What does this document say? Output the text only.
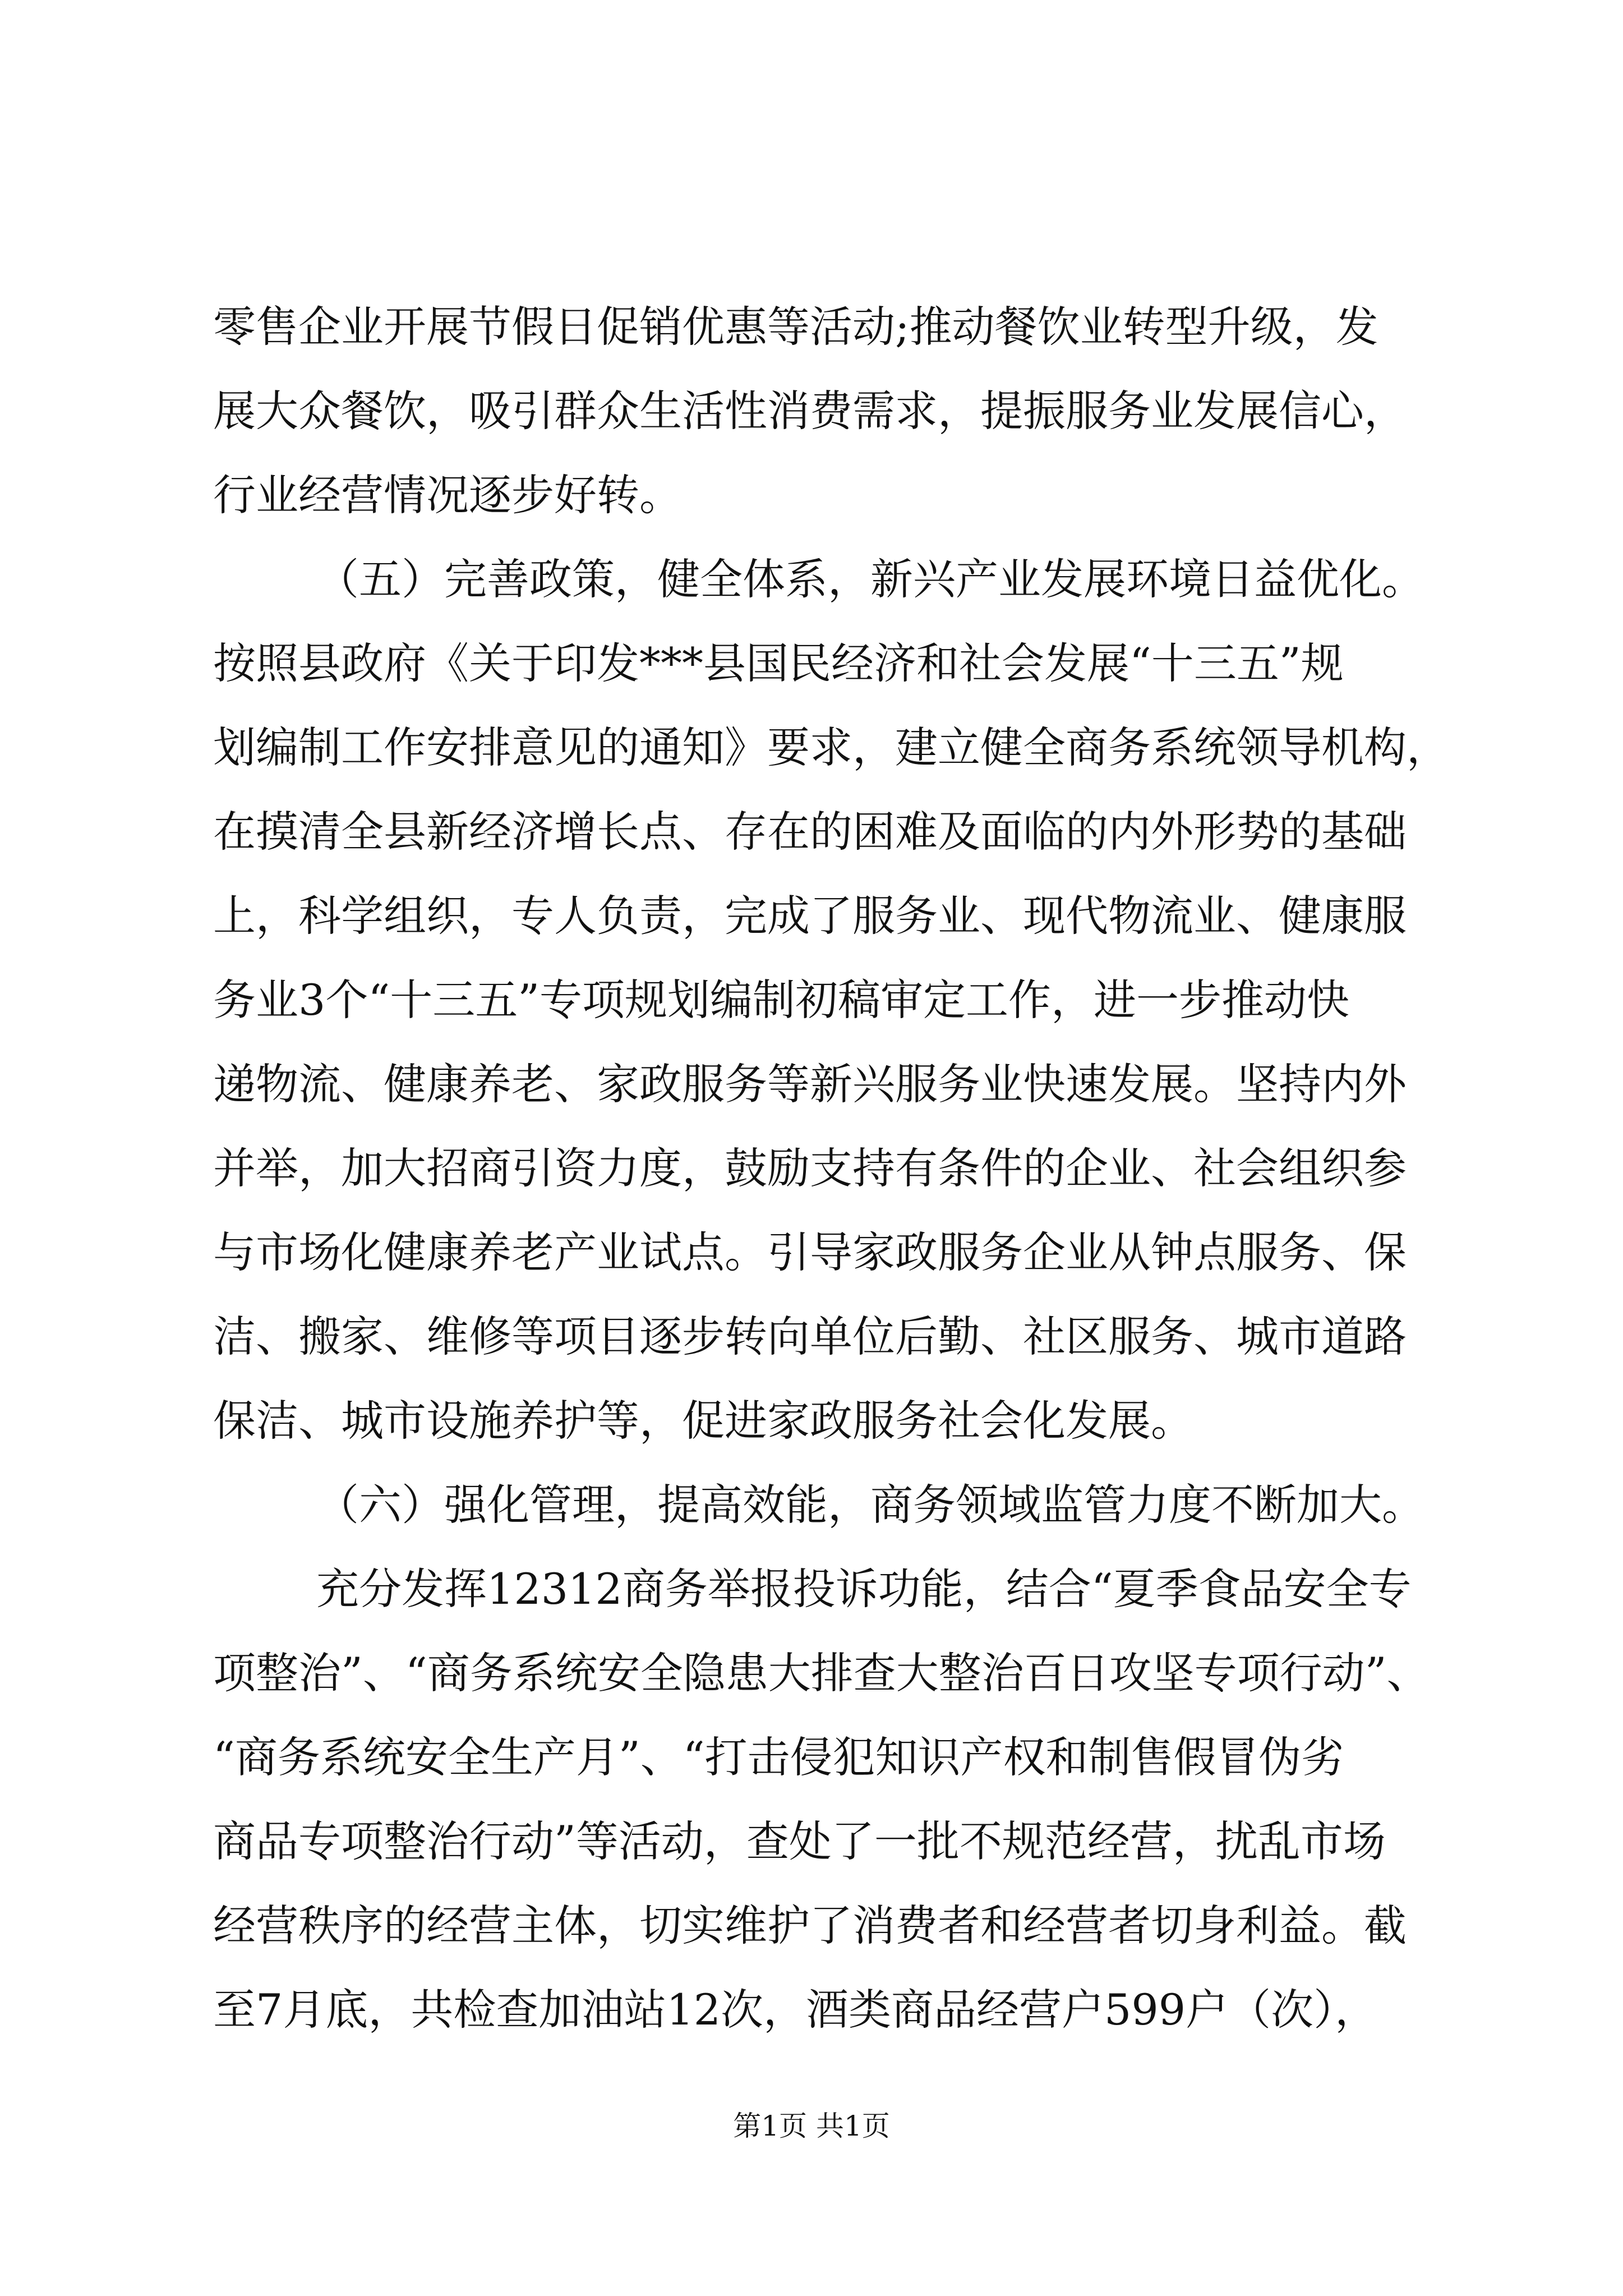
零售企业开展节假日促销优惠等活动;推动餐饮业转型升级，发
展大众餐饮，吸引群众生活性消费需求，提振服务业发展信心，
行业经营情况逐步好转。
（五）完善政策，健全体系，新兴产业发展环境日益优化。
按照县政府《关于印发***县国民经济和社会发展“十三五”规
划编制工作安排意见的通知》要求，建立健全商务系统领导机构，
在摸清全县新经济增长点、存在的困难及面临的内外形势的基础
上，科学组织，专人负责，完成了服务业、现代物流业、健康服
务业3个“十三五”专项规划编制初稿审定工作，进一步推动快
递物流、健康养老、家政服务等新兴服务业快速发展。坚持内外
并举，加大招商引资力度，鼓励支持有条件的企业、社会组织参
与市场化健康养老产业试点。引导家政服务企业从钟点服务、保
洁、搬家、维修等项目逐步转向单位后勤、社区服务、城市道路
保洁、城市设施养护等，促进家政服务社会化发展。
（六）强化管理，提高效能，商务领域监管力度不断加大。
充分发挥12312商务举报投诉功能，结合“夏季食品安全专
项整治”、“商务系统安全隐患大排查大整治百日攻坚专项行动”、
“商务系统安全生产月”、“打击侵犯知识产权和制售假冒伪劣
商品专项整治行动”等活动，查处了一批不规范经营，扰乱市场
经营秩序的经营主体，切实维护了消费者和经营者切身利益。截
至7月底，共检查加油站12次，酒类商品经营户599户（次），
第1页 共1页
